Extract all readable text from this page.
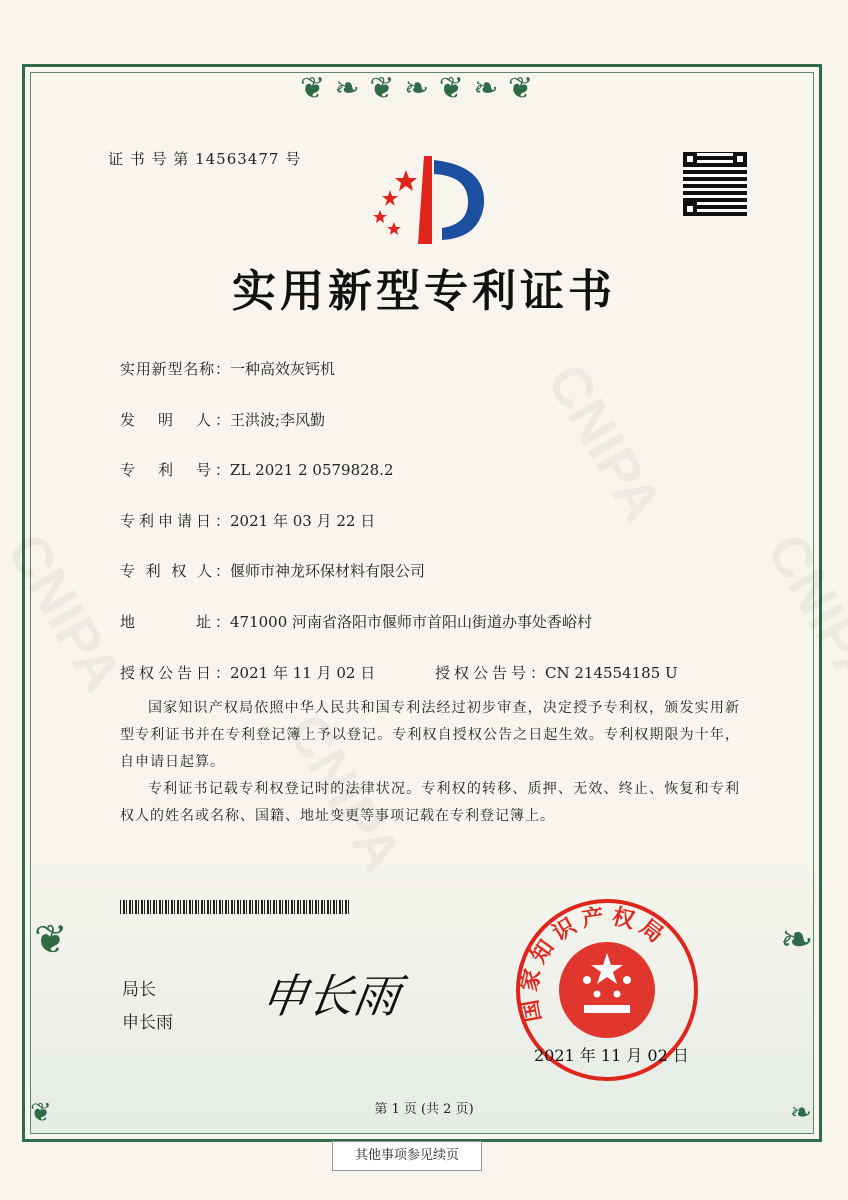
❦ ❧ ❦ ❧ ❦ ❧ ❦
❦	❧
❦	❧
证 书 号 第 14563477 号
实用新型专利证书
实用新型名称：一种高效灰钙机
发　明　人：王洪波;李风勤
专　利　号：ZL 2021 2 0579828.2
专利申请日：2021 年 03 月 22 日
专 利 权 人：偃师市神龙环保材料有限公司
地　　　址：471000 河南省洛阳市偃师市首阳山街道办事处香峪村
授权公告日：2021 年 11 月 02 日	授权公告号：CN 214554185 U
国家知识产权局依照中华人民共和国专利法经过初步审查，决定授予专利权，颁发实用新型专利证书并在专利登记簿上予以登记。专利权自授权公告之日起生效。专利权期限为十年，自申请日起算。
专利证书记载专利权登记时的法律状况。专利权的转移、质押、无效、终止、恢复和专利权人的姓名或名称、国籍、地址变更等事项记载在专利登记簿上。
局长
申长雨 申长雨	国家知识产权局
2021 年 11 月 02 日
第 1 页 (共 2 页)
其他事项参见续页
